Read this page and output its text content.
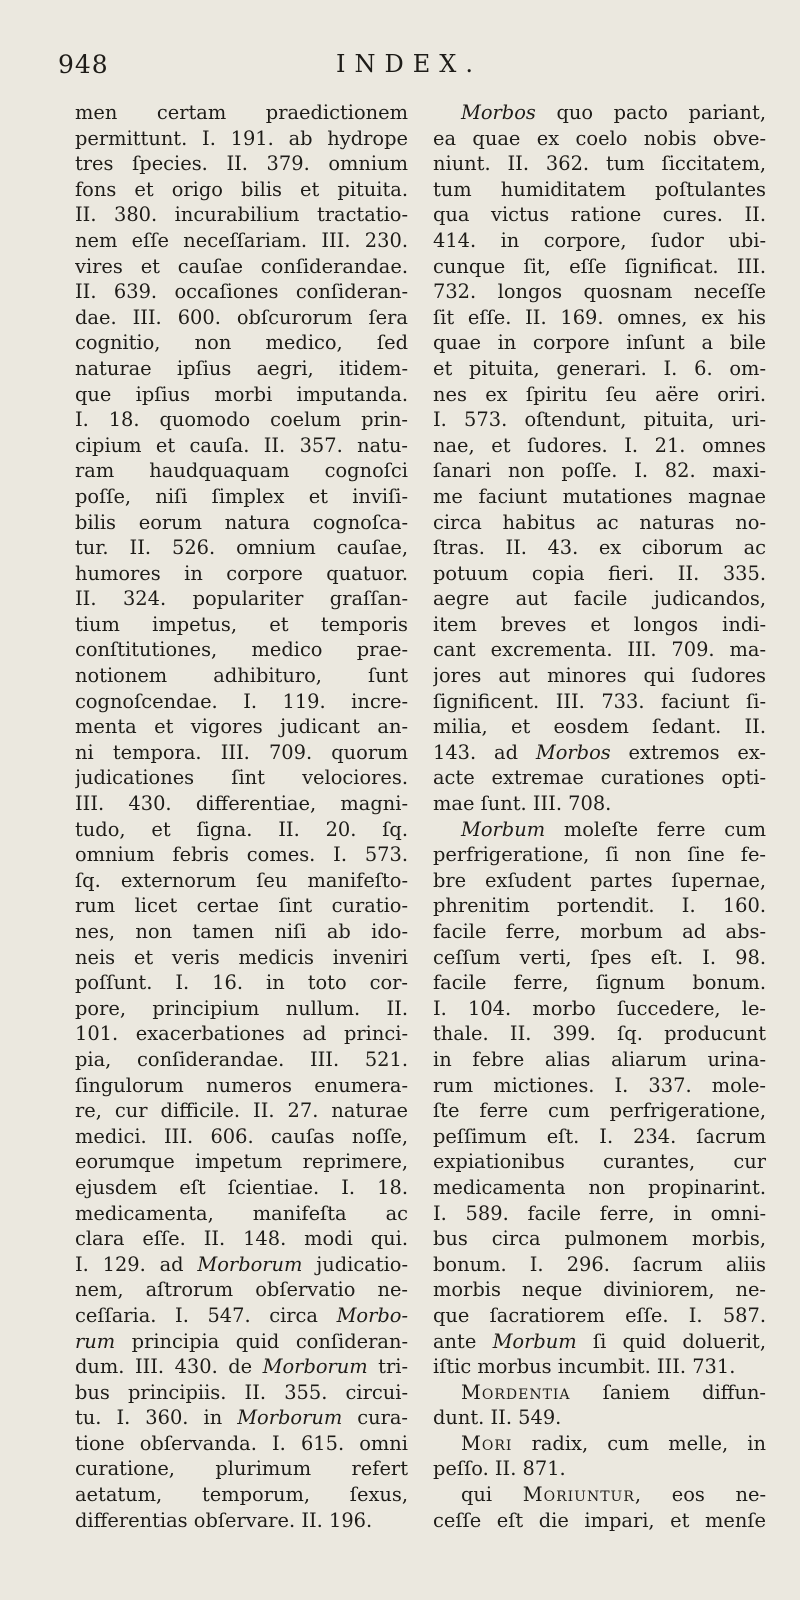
948	INDEX.
men certam praedictionem
permittunt. I. 191. ab hydrope
tres ſpecies. II. 379. omnium
fons et origo bilis et pituita.
II. 380. incurabilium tractatio-
nem eſſe neceſſariam. III. 230.
vires et cauſae conſiderandae.
II. 639. occaſiones conſideran-
dae. III. 600. obſcurorum ſera
cognitio, non medico, ſed
naturae ipſius aegri, itidem-
que ipſius morbi imputanda.
I. 18. quomodo coelum prin-
cipium et cauſa. II. 357. natu-
ram haudquaquam cognoſci
poſſe, niſi ſimplex et inviſi-
bilis eorum natura cognoſca-
tur. II. 526. omnium cauſae,
humores in corpore quatuor.
II. 324. populariter graſſan-
tium impetus, et temporis
conſtitutiones, medico prae-
notionem adhibituro, ſunt
cognoſcendae. I. 119. incre-
menta et vigores judicant an-
ni tempora. III. 709. quorum
judicationes ſint velociores.
III. 430. differentiae, magni-
tudo, et ſigna. II. 20. ſq.
omnium febris comes. I. 573.
ſq. externorum ſeu manifeſto-
rum licet certae ſint curatio-
nes, non tamen niſi ab ido-
neis et veris medicis inveniri
poſſunt. I. 16. in toto cor-
pore, principium nullum. II.
101. exacerbationes ad princi-
pia, conſiderandae. III. 521.
ſingulorum numeros enumera-
re, cur difficile. II. 27. naturae
medici. III. 606. cauſas noſſe,
eorumque impetum reprimere,
ejusdem eſt ſcientiae. I. 18.
medicamenta, manifeſta ac
clara eſſe. II. 148. modi qui.
I. 129. ad Morborum judicatio-
nem, aſtrorum obſervatio ne-
ceſſaria. I. 547. circa Morbo-
rum principia quid conſideran-
dum. III. 430. de Morborum tri-
bus principiis. II. 355. circui-
tu. I. 360. in Morborum cura-
tione obſervanda. I. 615. omni
curatione, plurimum refert
aetatum, temporum, ſexus,
differentias obſervare. II. 196.
Morbos quo pacto pariant,
ea quae ex coelo nobis obve-
niunt. II. 362. tum ſiccitatem,
tum humiditatem poſtulantes
qua victus ratione cures. II.
414. in corpore, ſudor ubi-
cunque ſit, eſſe ſignificat. III.
732. longos quosnam neceſſe
ſit eſſe. II. 169. omnes, ex his
quae in corpore inſunt a bile
et pituita, generari. I. 6. om-
nes ex ſpiritu ſeu aëre oriri.
I. 573. oſtendunt, pituita, uri-
nae, et ſudores. I. 21. omnes
ſanari non poſſe. I. 82. maxi-
me faciunt mutationes magnae
circa habitus ac naturas no-
ſtras. II. 43. ex ciborum ac
potuum copia fieri. II. 335.
aegre aut facile judicandos,
item breves et longos indi-
cant excrementa. III. 709. ma-
jores aut minores qui ſudores
ſignificent. III. 733. faciunt ſi-
milia, et eosdem ſedant. II.
143. ad Morbos extremos ex-
acte extremae curationes opti-
mae ſunt. III. 708.
Morbum moleſte ferre cum
perfrigeratione, ſi non ſine fe-
bre exſudent partes ſupernae,
phrenitim portendit. I. 160.
facile ferre, morbum ad abs-
ceſſum verti, ſpes eſt. I. 98.
facile ferre, ſignum bonum.
I. 104. morbo ſuccedere, le-
thale. II. 399. ſq. producunt
in febre alias aliarum urina-
rum mictiones. I. 337. mole-
ſte ferre cum perfrigeratione,
peſſimum eſt. I. 234. ſacrum
expiationibus curantes, cur
medicamenta non propinarint.
I. 589. facile ferre, in omni-
bus circa pulmonem morbis,
bonum. I. 296. ſacrum aliis
morbis neque diviniorem, ne-
que ſacratiorem eſſe. I. 587.
ante Morbum ſi quid doluerit,
iſtic morbus incumbit. III. 731.
Mordentia ſaniem diffun-
dunt. II. 549.
Mori radix, cum melle, in
peſſo. II. 871.
qui Moriuntur, eos ne-
ceſſe eſt die impari, et menſe
